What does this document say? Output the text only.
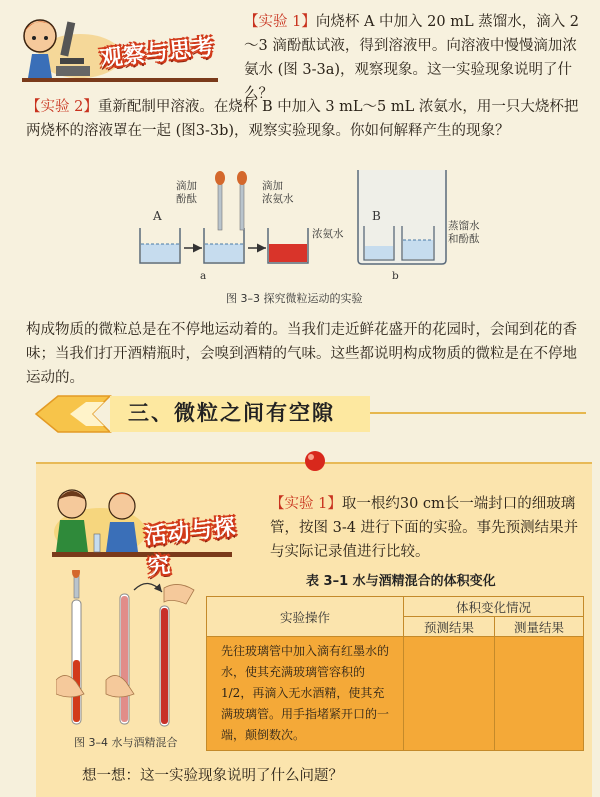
观察与思考
【实验 1】向烧杯 A 中加入 20 mL 蒸馏水，滴入 2～3 滴酚酞试液，得到溶液甲。向溶液中慢慢滴加浓氨水 (图 3-3a)，观察现象。这一实验现象说明了什么？
【实验 2】重新配制甲溶液。在烧杯 B 中加入 3 mL～5 mL 浓氨水，用一只大烧杯把两烧杯的溶液罩在一起 (图3-3b)，观察实验现象。你如何解释产生的现象？
滴加
酚酞
滴加
浓氨水
A
a
B
b
浓氨水
蒸馏水
和酚酞
图 3–3 探究微粒运动的实验
构成物质的微粒总是在不停地运动着的。当我们走近鲜花盛开的花园时，会闻到花的香味；当我们打开酒精瓶时，会嗅到酒精的气味。这些都说明构成物质的微粒是在不停地运动的。
三、微粒之间有空隙
活动与探究
【实验 1】取一根约30 cm长一端封口的细玻璃管，按图 3-4 进行下面的实验。事先预测结果并与实际记录值进行比较。
图 3–4 水与酒精混合
表 3–1 水与酒精混合的体积变化
实验操作	体积变化情况	
	预测结果	测量结果
先往玻璃管中加入滴有红墨水的水，使其充满玻璃管容积的 1/2，再滴入无水酒精，使其充满玻璃管。用手指堵紧开口的一端，颠倒数次。		
想一想：这一实验现象说明了什么问题？
